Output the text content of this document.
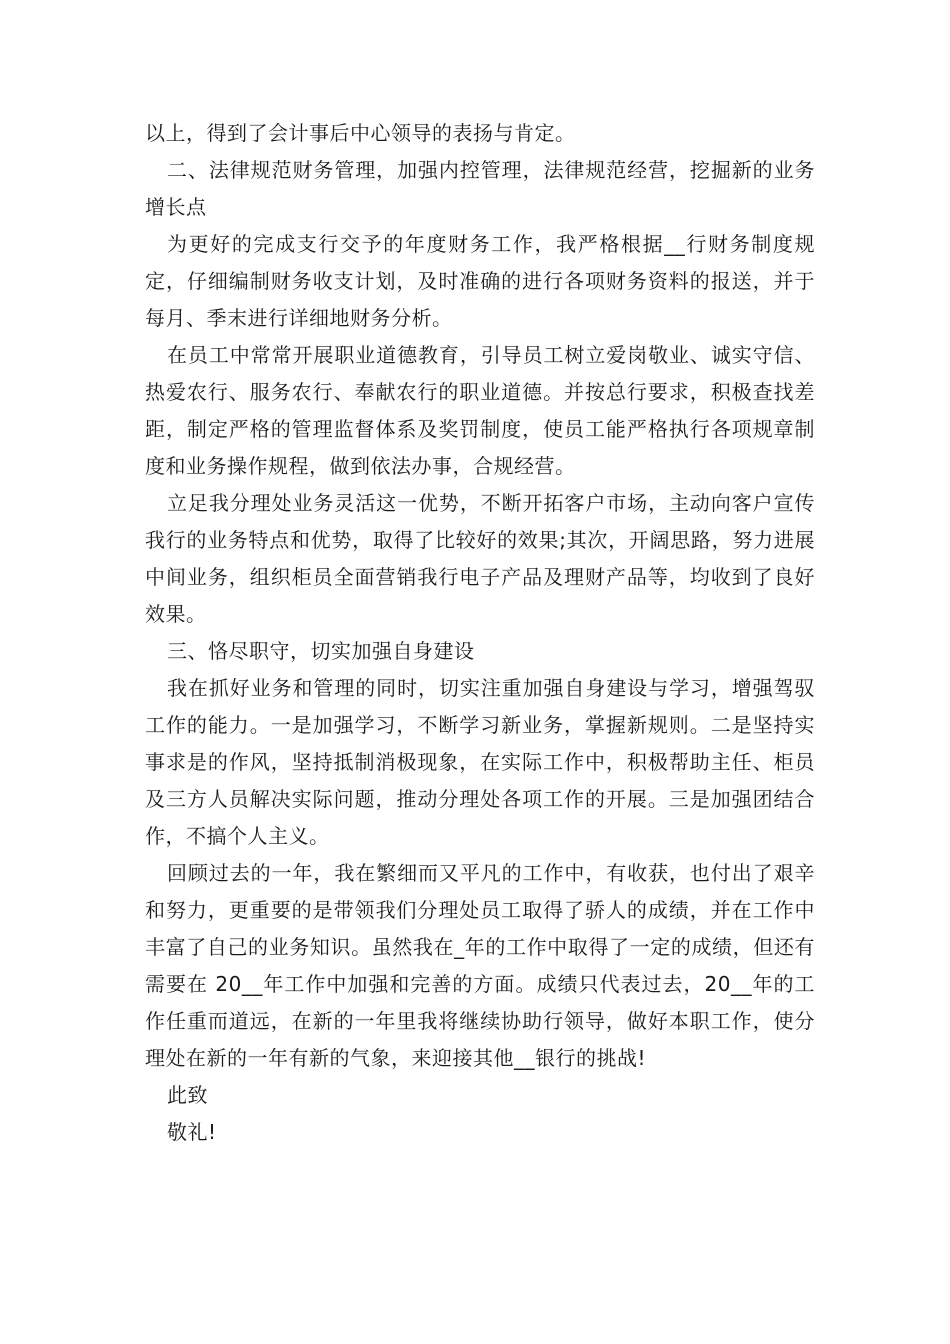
以上，得到了会计事后中心领导的表扬与肯定。

二、法律规范财务管理，加强内控管理，法律规范经营，挖掘新的业务增长点

为更好的完成支行交予的年度财务工作，我严格根据__行财务制度规定，仔细编制财务收支计划，及时准确的进行各项财务资料的报送，并于每月、季末进行详细地财务分析。

在员工中常常开展职业道德教育，引导员工树立爱岗敬业、诚实守信、热爱农行、服务农行、奉献农行的职业道德。并按总行要求，积极查找差距，制定严格的管理监督体系及奖罚制度，使员工能严格执行各项规章制度和业务操作规程，做到依法办事，合规经营。

立足我分理处业务灵活这一优势，不断开拓客户市场，主动向客户宣传我行的业务特点和优势，取得了比较好的效果;其次，开阔思路，努力进展中间业务，组织柜员全面营销我行电子产品及理财产品等，均收到了良好效果。

三、恪尽职守，切实加强自身建设

我在抓好业务和管理的同时，切实注重加强自身建设与学习，增强驾驭工作的能力。一是加强学习，不断学习新业务，掌握新规则。二是坚持实事求是的作风，坚持抵制消极现象，在实际工作中，积极帮助主任、柜员及三方人员解决实际问题，推动分理处各项工作的开展。三是加强团结合作，不搞个人主义。

回顾过去的一年，我在繁细而又平凡的工作中，有收获，也付出了艰辛和努力，更重要的是带领我们分理处员工取得了骄人的成绩，并在工作中丰富了自己的业务知识。虽然我在_年的工作中取得了一定的成绩，但还有需要在 20__年工作中加强和完善的方面。成绩只代表过去，20__年的工作任重而道远，在新的一年里我将继续协助行领导，做好本职工作，使分理处在新的一年有新的气象，来迎接其他__银行的挑战!

此致

敬礼!
